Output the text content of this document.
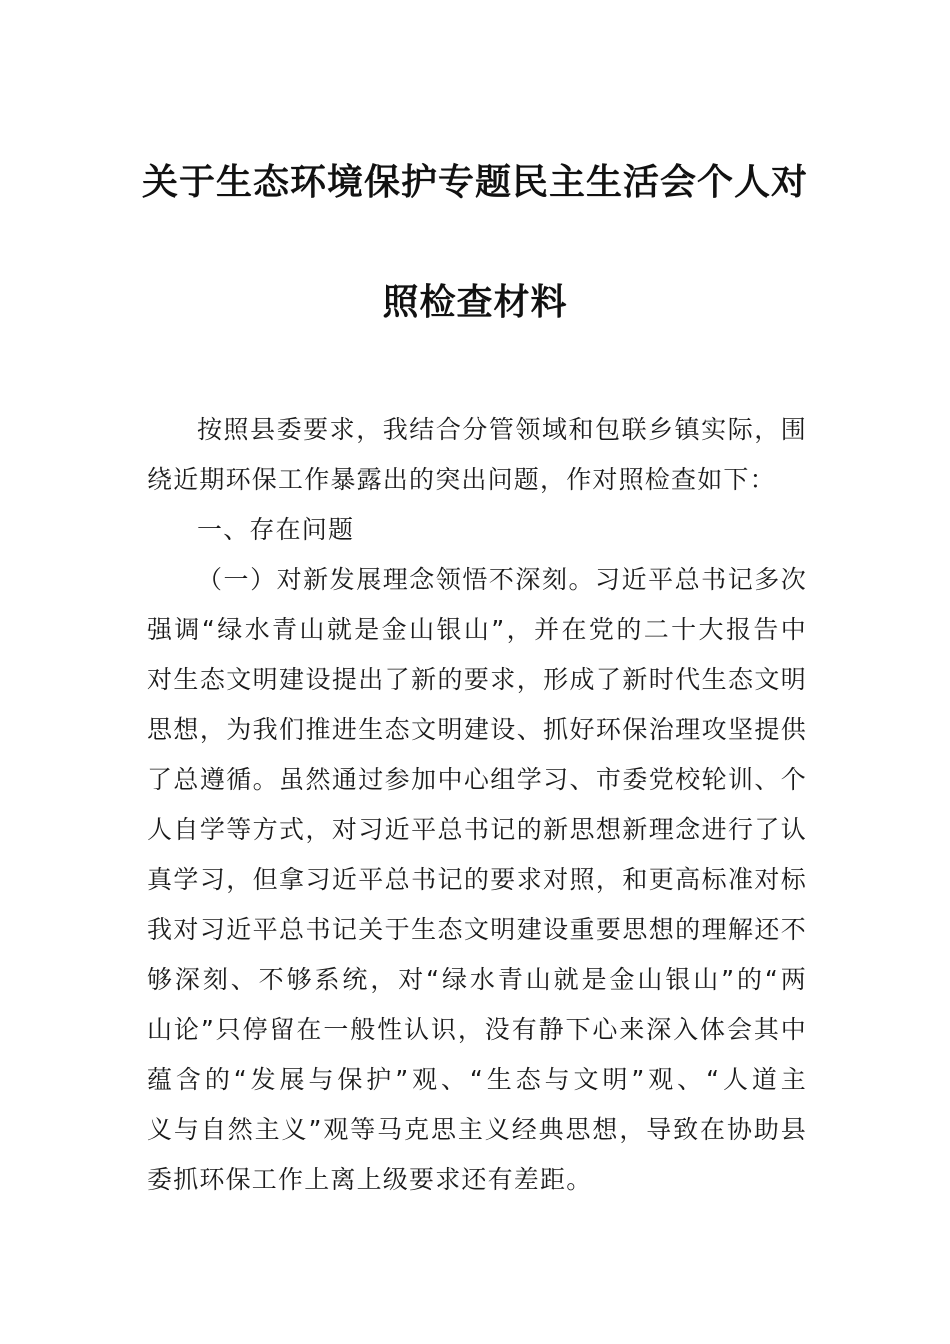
关于生态环境保护专题民主生活会个人对
照检查材料
按照县委要求，我结合分管领域和包联乡镇实际，围
绕近期环保工作暴露出的突出问题，作对照检查如下：
一、存在问题
（一）对新发展理念领悟不深刻。习近平总书记多次
强调“绿水青山就是金山银山”，并在党的二十大报告中
对生态文明建设提出了新的要求，形成了新时代生态文明
思想，为我们推进生态文明建设、抓好环保治理攻坚提供
了总遵循。虽然通过参加中心组学习、市委党校轮训、个
人自学等方式，对习近平总书记的新思想新理念进行了认
真学习，但拿习近平总书记的要求对照，和更高标准对标
我对习近平总书记关于生态文明建设重要思想的理解还不
够深刻、不够系统，对“绿水青山就是金山银山”的“两
山论”只停留在一般性认识，没有静下心来深入体会其中
蕴含的“发展与保护”观、“生态与文明”观、“人道主
义与自然主义”观等马克思主义经典思想，导致在协助县
委抓环保工作上离上级要求还有差距。
